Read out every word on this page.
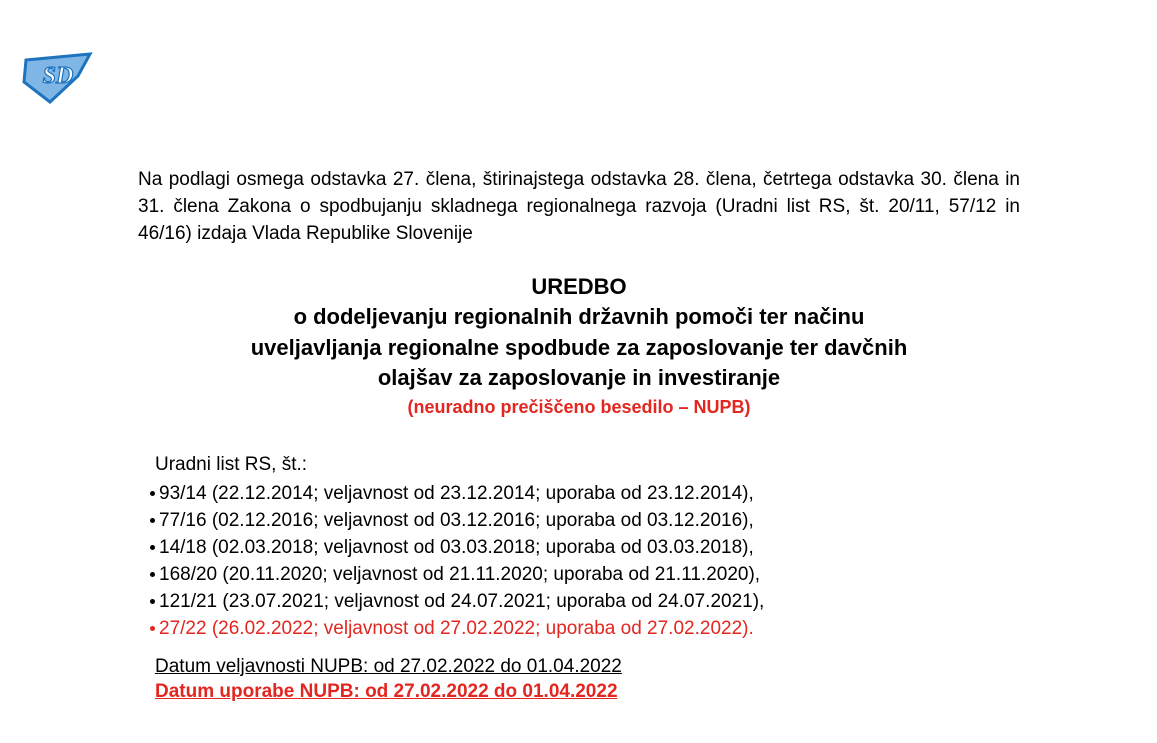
SD

Na podlagi osmega odstavka 27. člena, štirinajstega odstavka 28. člena, četrtega odstavka 30. člena in 31. člena Zakona o spodbujanju skladnega regionalnega razvoja (Uradni list RS, št. 20/11, 57/12 in 46/16) izdaja Vlada Republike Slovenije

UREDBO

o dodeljevanju regionalnih državnih pomoči ter načinu

uveljavljanja regionalne spodbude za zaposlovanje ter davčnih

olajšav za zaposlovanje in investiranje

(neuradno prečiščeno besedilo – NUPB)

Uradni list RS, št.:

93/14 (22.12.2014; veljavnost od 23.12.2014; uporaba od 23.12.2014),
77/16 (02.12.2016; veljavnost od 03.12.2016; uporaba od 03.12.2016),
14/18 (02.03.2018; veljavnost od 03.03.2018; uporaba od 03.03.2018),
168/20 (20.11.2020; veljavnost od 21.11.2020; uporaba od 21.11.2020),
121/21 (23.07.2021; veljavnost od 24.07.2021; uporaba od 24.07.2021),
27/22 (26.02.2022; veljavnost od 27.02.2022; uporaba od 27.02.2022).

Datum veljavnosti NUPB: od 27.02.2022 do 01.04.2022

Datum uporabe NUPB: od 27.02.2022 do 01.04.2022
